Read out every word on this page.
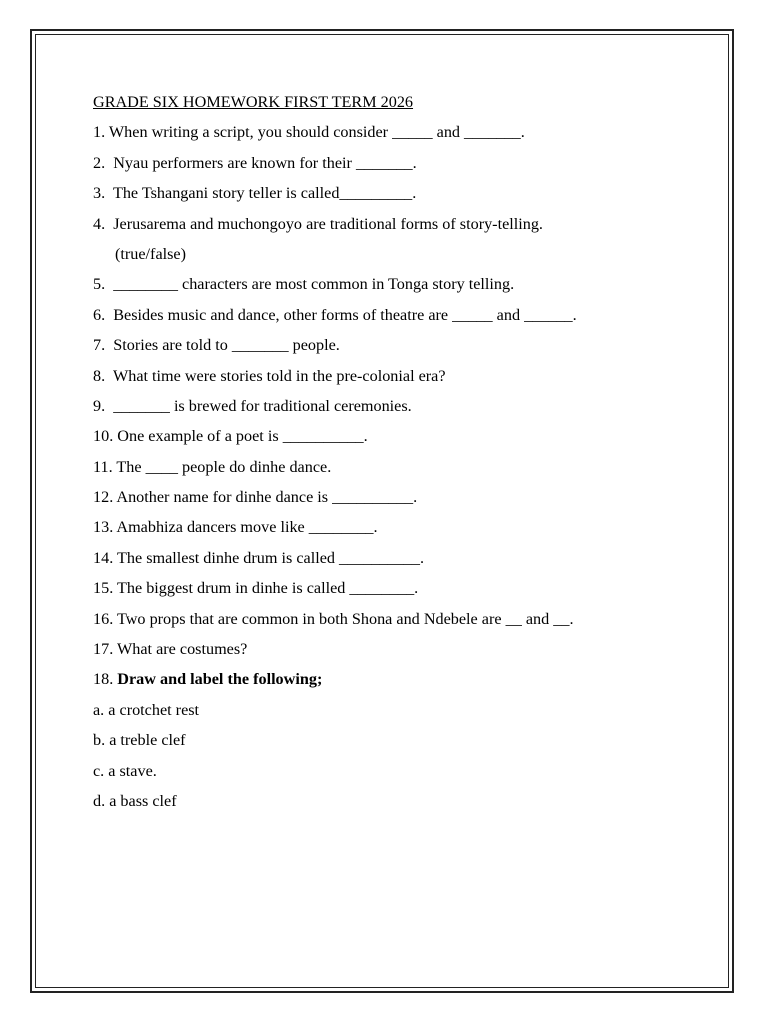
GRADE SIX HOMEWORK FIRST TERM 2026
1. When writing a script, you should consider _____ and _______.
2.  Nyau performers are known for their _______.
3.  The Tshangani story teller is called_________.
4.  Jerusarema and muchongoyo are traditional forms of story-telling.
(true/false)
5.  ________ characters are most common in Tonga story telling.
6.  Besides music and dance, other forms of theatre are _____ and ______.
7.  Stories are told to _______ people.
8.  What time were stories told in the pre-colonial era?
9.  _______ is brewed for traditional ceremonies.
10. One example of a poet is __________.
11. The ____ people do dinhe dance.
12. Another name for dinhe dance is __________.
13. Amabhiza dancers move like ________.
14. The smallest dinhe drum is called __________.
15. The biggest drum in dinhe is called ________.
16. Two props that are common in both Shona and Ndebele are __ and __.
17. What are costumes?
18. Draw and label the following;
a. a crotchet rest
b. a treble clef
c. a stave.
d. a bass clef
